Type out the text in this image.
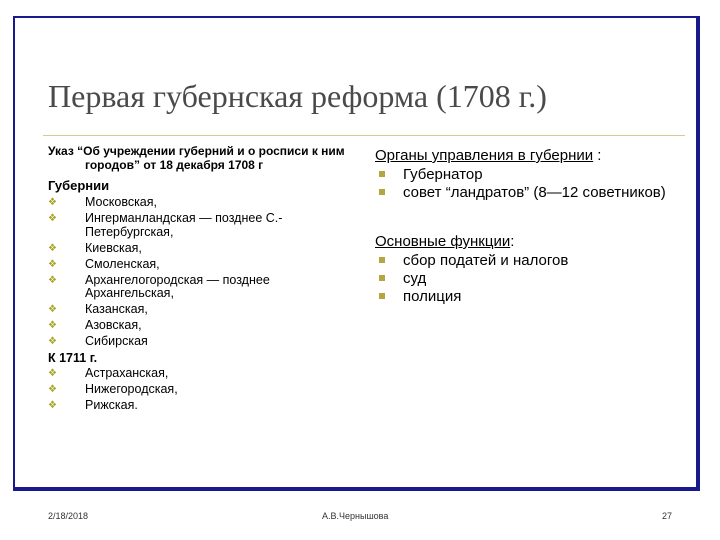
Первая губернская реформа (1708 г.)
Указ “Об учреждении губерний и о росписи к ним городов” от 18 декабря 1708 г
Губернии
❖ Московская,
❖ Ингерманландская — позднее С.-Петербургская,
❖ Киевская,
❖ Смоленская,
❖ Архангелогородская — позднее Архангельская,
❖ Казанская,
❖ Азовская,
❖ Сибирская
К 1711 г.
❖ Астраханская,
❖ Нижегородская,
❖ Рижская.
Органы управления в губернии :
Губернатор
совет “ландратов” (8—12 советников)
Основные функции:
сбор податей и налогов
суд
полиция
2/18/2018	А.В.Чернышова	27
